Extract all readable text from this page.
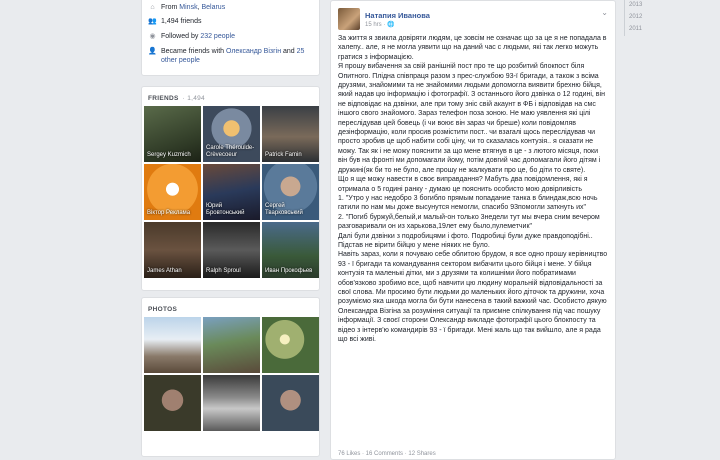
⌂ From Minsk, Belarus
👥 1,494 friends
◉ Followed by 232 people
👤 Became friends with Олександр Візгін and 25 other people
FRIENDS · 1,494
Sergey Kuzmich
Carole Théroulde-Crèvecoeur	Patrick Famin
Віктор Реклама
Юрий Бровтонський
Сергей Тварковський
James Athan	Ralph Sproul	Иван Прокофьев
PHOTOS
Натапия Иванова
15 hrs · 🌐
⌄

За життя я звикла довіряти людям, це зовсім не означає що за це я не попадала в халепу.. але, я не могла уявити що на даний час с людьми, які так легко можуть гратися з інформацією.
Я прошу вибачення за свій ранішній пост про те що розбитий блокпост біля Опитного. Плідна співпраця разом з прес-службою 93-ї бригади, а також з всіма друзями, знайомими та не знайомими людьми допомогла виявити брехню бійця, який надав цю інформацію і фотографії. З останнього його дзвінка о 12 годині, він не відповідає на дзвінки, але при тому зніс свій акаунт в ФБ і відповідав на смс іншого свого знайомого. Зараз телефон поза зоною. Не маю уявлення які цілі переслідував цей бовець (і чи воює він зараз чи бреше) коли повідомляв дезінформацію, коли просив розмістити пост.. чи взагалі щось переслідував чи просто зробив це щоб набити собі ціну, чи то сказалась контузія.. я сказати не можу. Так як і не можу пояснити за що мене втягнув в це - з лютого місяця, поки він був на фронті ми допомагали йому, потім довгий час допомагали його дітям і дружині(як би то не було, але прошу не жалкувати про це, бо діти то святе).
Що я ще можу навести в своє виправдання? Мабуть два повідомлення, які я отримала о 5 годині ранку - думаю це пояснить особисто мою довірливість
1. "Утро у нас недобро 3 богибло прямым попадание танка в блиндаж,всю ночь гатили по нам мы доже высунутся немогли, спасибо 93помогли заткнуть их"
2. "Погиб буржуй,белый,и малый-он только 3недели тут мы вчера сним вечером разговаривали он из харькова,19лет ему было,пулеметчик"
Далі були дзвінки з подробицями і фото. Подробиці були дуже правдоподібні.. Підстав не вірити бійцю у мене ніяких не було.
Навіть зараз, коли я почуваю себе облитою брудом, я все одно прошу керівництво 93 - ї бригади та командування сектором вибачити цього бійця і мене. У бійця контузія та маленькі дітки, ми з друзями та колишніми його побратимами обов'язково зробимо все, щоб навчити цю людину моральній відповідальності за свої слова. Ми просимо бути людьми до маленьких його діточок та дружини, хоча розуміємо яка шкода могла би бути нанесена в такий важкий час. Особисто дякую Олександра Візгіна за розуміння ситуації та приємне спілкування під час пошуку інформації. З своєї сторони Олександр викладе фотографії цього блокпосту та відео з інтерв'ю командирів 93 - ї бригади. Мені жаль що так вийшло, але я рада що всі живі.

76 Likes · 16 Comments · 12 Shares
2013
2012
2011
